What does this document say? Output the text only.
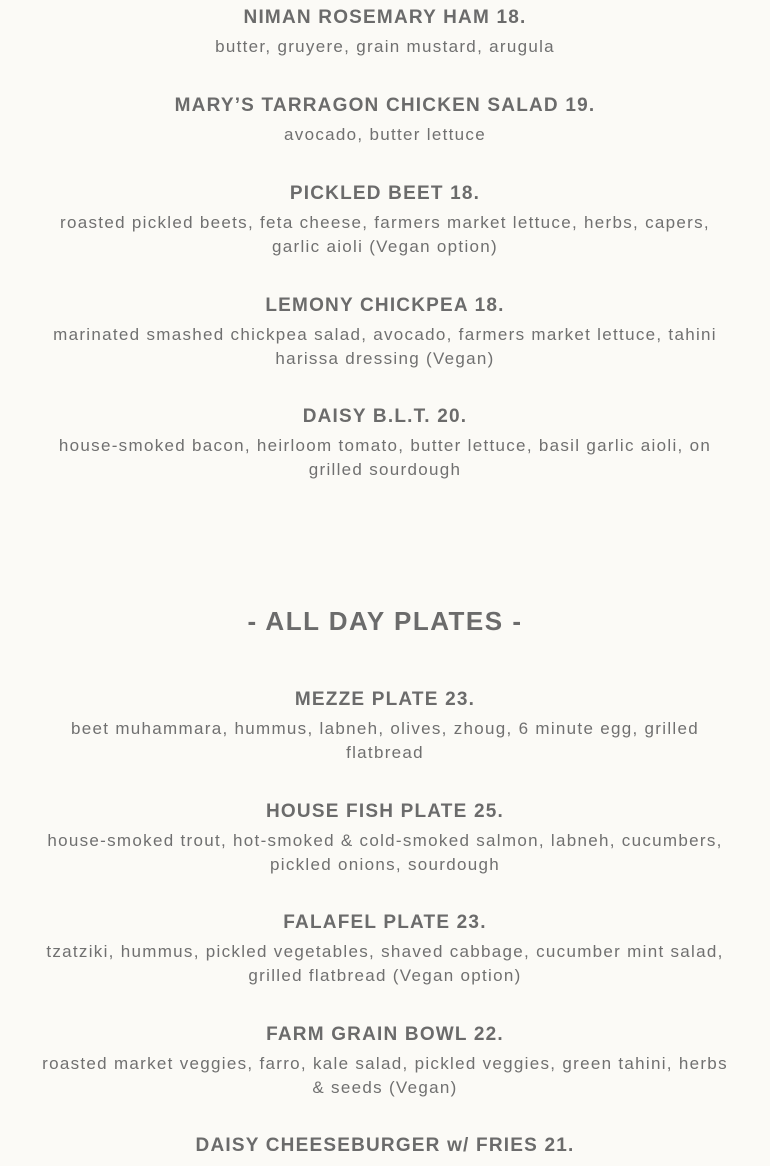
NIMAN ROSEMARY HAM 18.

butter, gruyere, grain mustard, arugula

MARY’S TARRAGON CHICKEN SALAD 19.

avocado, butter lettuce

PICKLED BEET 18.

roasted pickled beets, feta cheese, farmers market lettuce, herbs, capers, garlic aioli (Vegan option)

LEMONY CHICKPEA 18.

marinated smashed chickpea salad, avocado, farmers market lettuce, tahini harissa dressing (Vegan)

DAISY B.L.T. 20.

house-smoked bacon, heirloom tomato, butter lettuce, basil garlic aioli, on grilled sourdough

- ALL DAY PLATES -

MEZZE PLATE 23.

beet muhammara, hummus, labneh, olives, zhoug, 6 minute egg, grilled flatbread

HOUSE FISH PLATE 25.

house-smoked trout, hot-smoked & cold-smoked salmon, labneh, cucumbers, pickled onions, sourdough

FALAFEL PLATE 23.

tzatziki, hummus, pickled vegetables, shaved cabbage, cucumber mint salad, grilled flatbread (Vegan option)

FARM GRAIN BOWL 22.

roasted market veggies, farro, kale salad, pickled veggies, green tahini, herbs & seeds (Vegan)

DAISY CHEESEBURGER w/ FRIES 21.
